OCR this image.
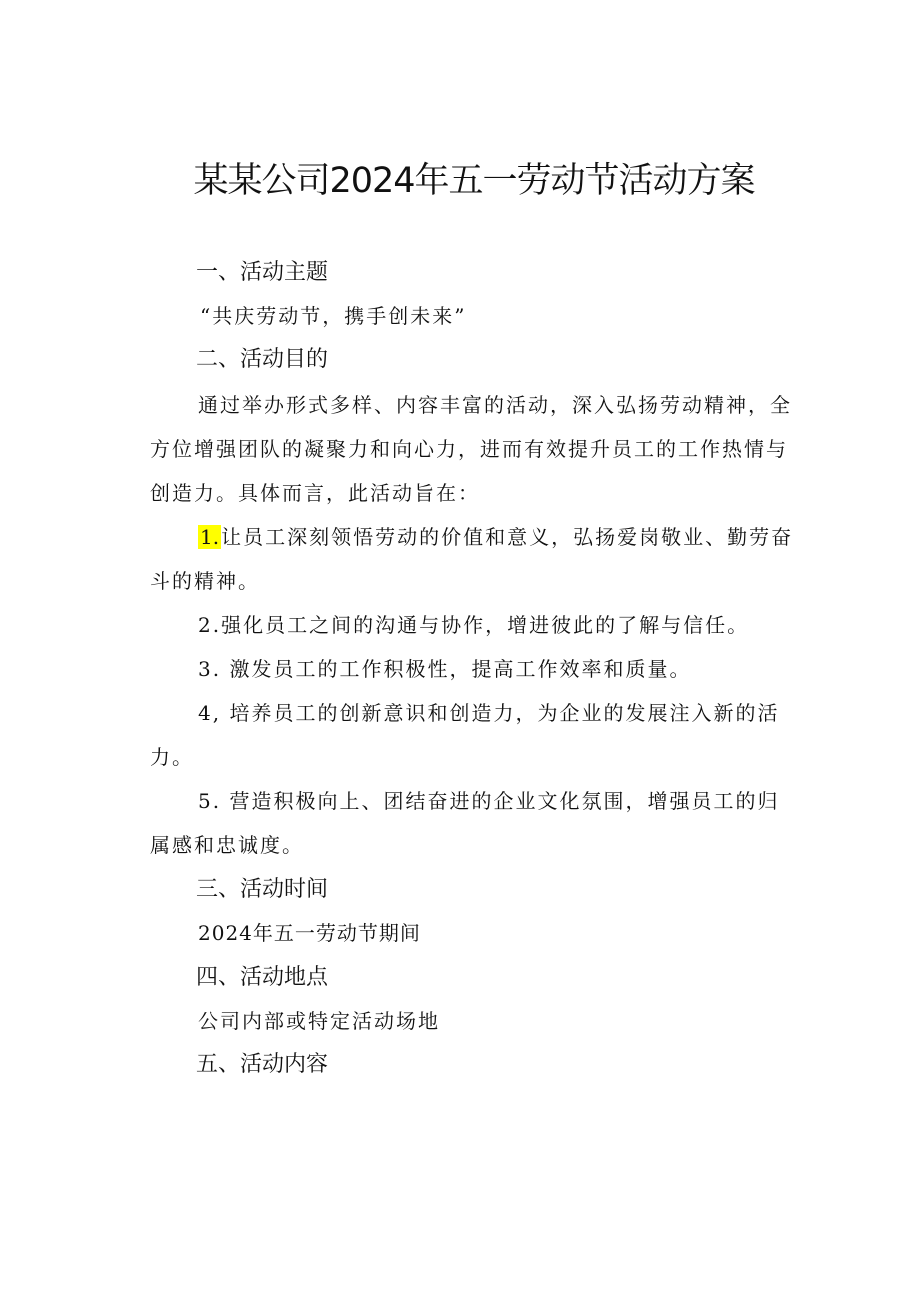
某某公司2024年五一劳动节活动方案
一、活动主题
“共庆劳动节，携手创未来”
二、活动目的
通过举办形式多样、内容丰富的活动，深入弘扬劳动精神，全方位增强团队的凝聚力和向心力，进而有效提升员工的工作热情与创造力。具体而言，此活动旨在：
1. 让员工深刻领悟劳动的价值和意义，弘扬爱岗敬业、勤劳奋斗的精神。
2.强化员工之间的沟通与协作，增进彼此的了解与信任。
3. 激发员工的工作积极性，提高工作效率和质量。
4, 培养员工的创新意识和创造力，为企业的发展注入新的活力。
5. 营造积极向上、团结奋进的企业文化氛围，增强员工的归属感和忠诚度。
三、活动时间
2024年五一劳动节期间
四、活动地点
公司内部或特定活动场地
五、活动内容
